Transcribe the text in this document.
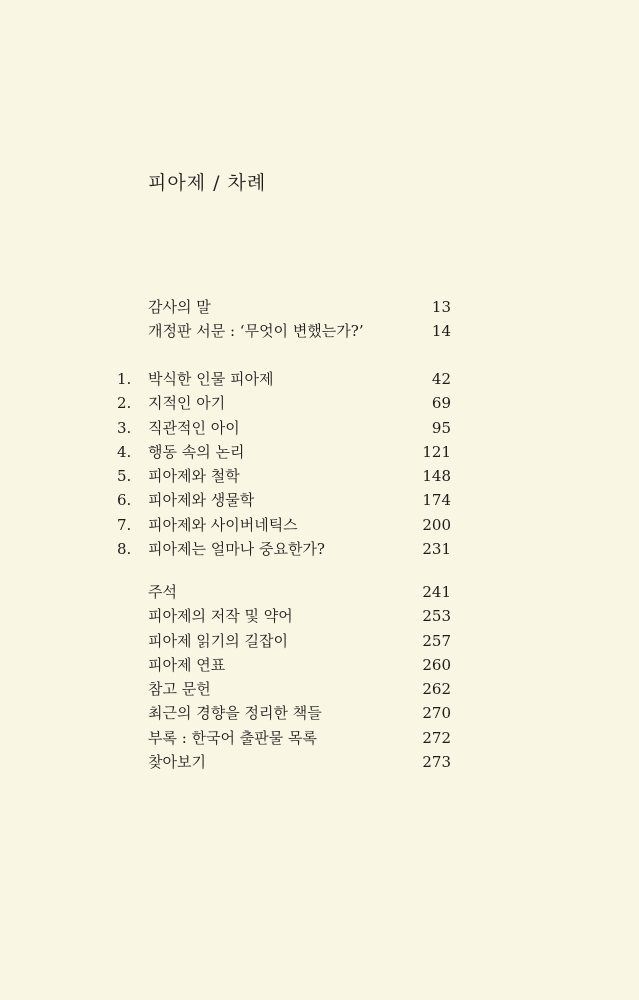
피아제 / 차례
감사의 말	13
개정판 서문 : ‘무엇이 변했는가?’	14
1.	박식한 인물 피아제	42
2.	지적인 아기	69
3.	직관적인 아이	95
4.	행동 속의 논리	121
5.	피아제와 철학	148
6.	피아제와 생물학	174
7.	피아제와 사이버네틱스	200
8.	피아제는 얼마나 중요한가?	231
주석	241
피아제의 저작 및 약어	253
피아제 읽기의 길잡이	257
피아제 연표	260
참고 문헌	262
최근의 경향을 정리한 책들	270
부록 : 한국어 출판물 목록	272
찾아보기	273
